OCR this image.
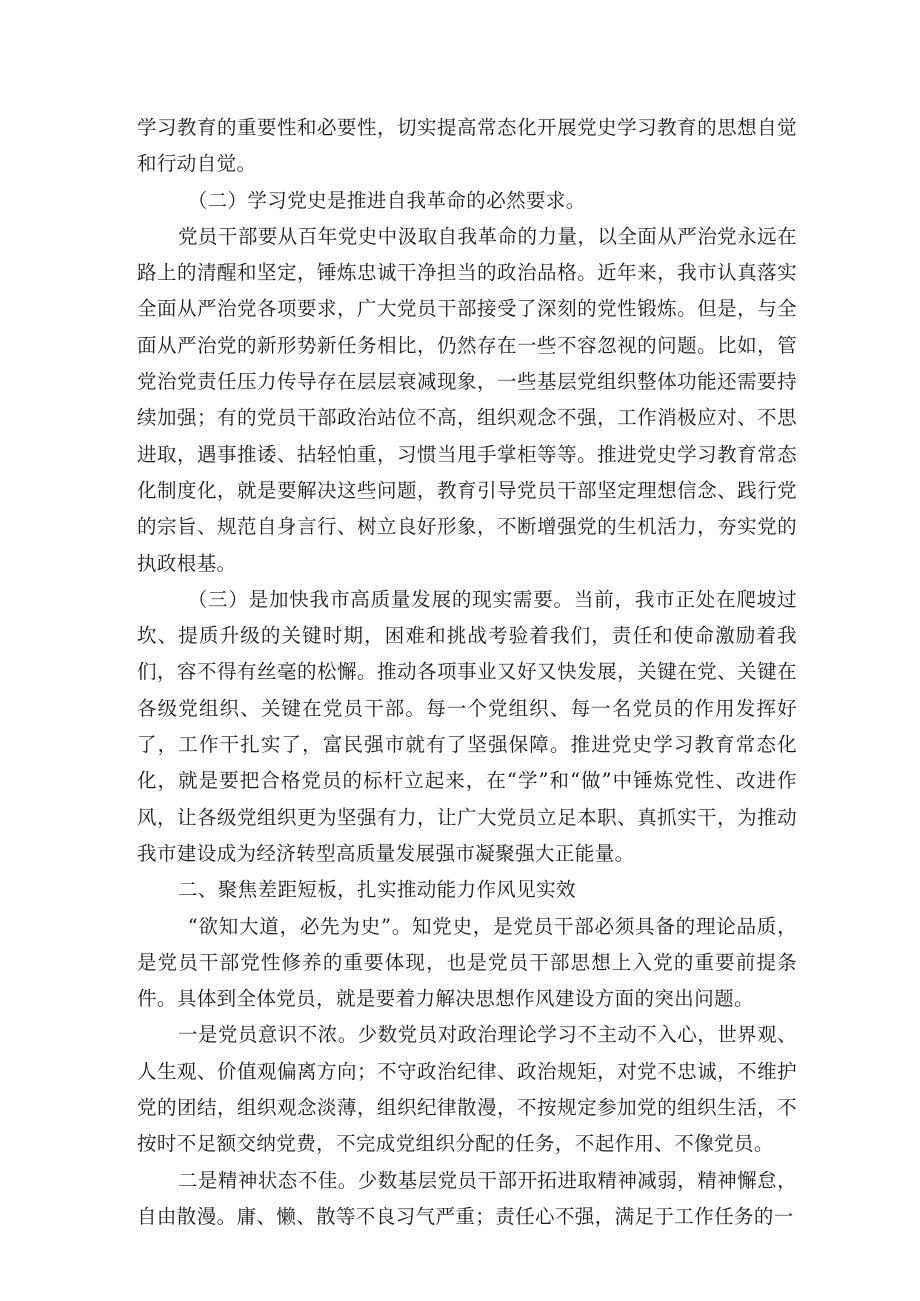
学习教育的重要性和必要性，切实提高常态化开展党史学习教育的思想自觉和行动自觉。

（二）学习党史是推进自我革命的必然要求。

党员干部要从百年党史中汲取自我革命的力量，以全面从严治党永远在路上的清醒和坚定，锤炼忠诚干净担当的政治品格。近年来，我市认真落实全面从严治党各项要求，广大党员干部接受了深刻的党性锻炼。但是，与全面从严治党的新形势新任务相比，仍然存在一些不容忽视的问题。比如，管党治党责任压力传导存在层层衰减现象，一些基层党组织整体功能还需要持续加强；有的党员干部政治站位不高，组织观念不强，工作消极应对、不思进取，遇事推诿、拈轻怕重，习惯当甩手掌柜等等。推进党史学习教育常态化制度化，就是要解决这些问题，教育引导党员干部坚定理想信念、践行党的宗旨、规范自身言行、树立良好形象，不断增强党的生机活力，夯实党的执政根基。

（三）是加快我市高质量发展的现实需要。当前，我市正处在爬坡过坎、提质升级的关键时期，困难和挑战考验着我们，责任和使命激励着我们，容不得有丝毫的松懈。推动各项事业又好又快发展，关键在党、关键在各级党组织、关键在党员干部。每一个党组织、每一名党员的作用发挥好了，工作干扎实了，富民强市就有了坚强保障。推进党史学习教育常态化化，就是要把合格党员的标杆立起来，在“学”和“做”中锤炼党性、改进作风，让各级党组织更为坚强有力，让广大党员立足本职、真抓实干，为推动我市建设成为经济转型高质量发展强市凝聚强大正能量。

二、聚焦差距短板，扎实推动能力作风见实效

“欲知大道，必先为史”。知党史，是党员干部必须具备的理论品质，是党员干部党性修养的重要体现，也是党员干部思想上入党的重要前提条件。具体到全体党员，就是要着力解决思想作风建设方面的突出问题。

一是党员意识不浓。少数党员对政治理论学习不主动不入心，世界观、人生观、价值观偏离方向；不守政治纪律、政治规矩，对党不忠诚，不维护党的团结，组织观念淡薄，组织纪律散漫，不按规定参加党的组织生活，不按时不足额交纳党费，不完成党组织分配的任务，不起作用、不像党员。

二是精神状态不佳。少数基层党员干部开拓进取精神减弱，精神懈怠，自由散漫。庸、懒、散等不良习气严重；责任心不强，满足于工作任务的一
